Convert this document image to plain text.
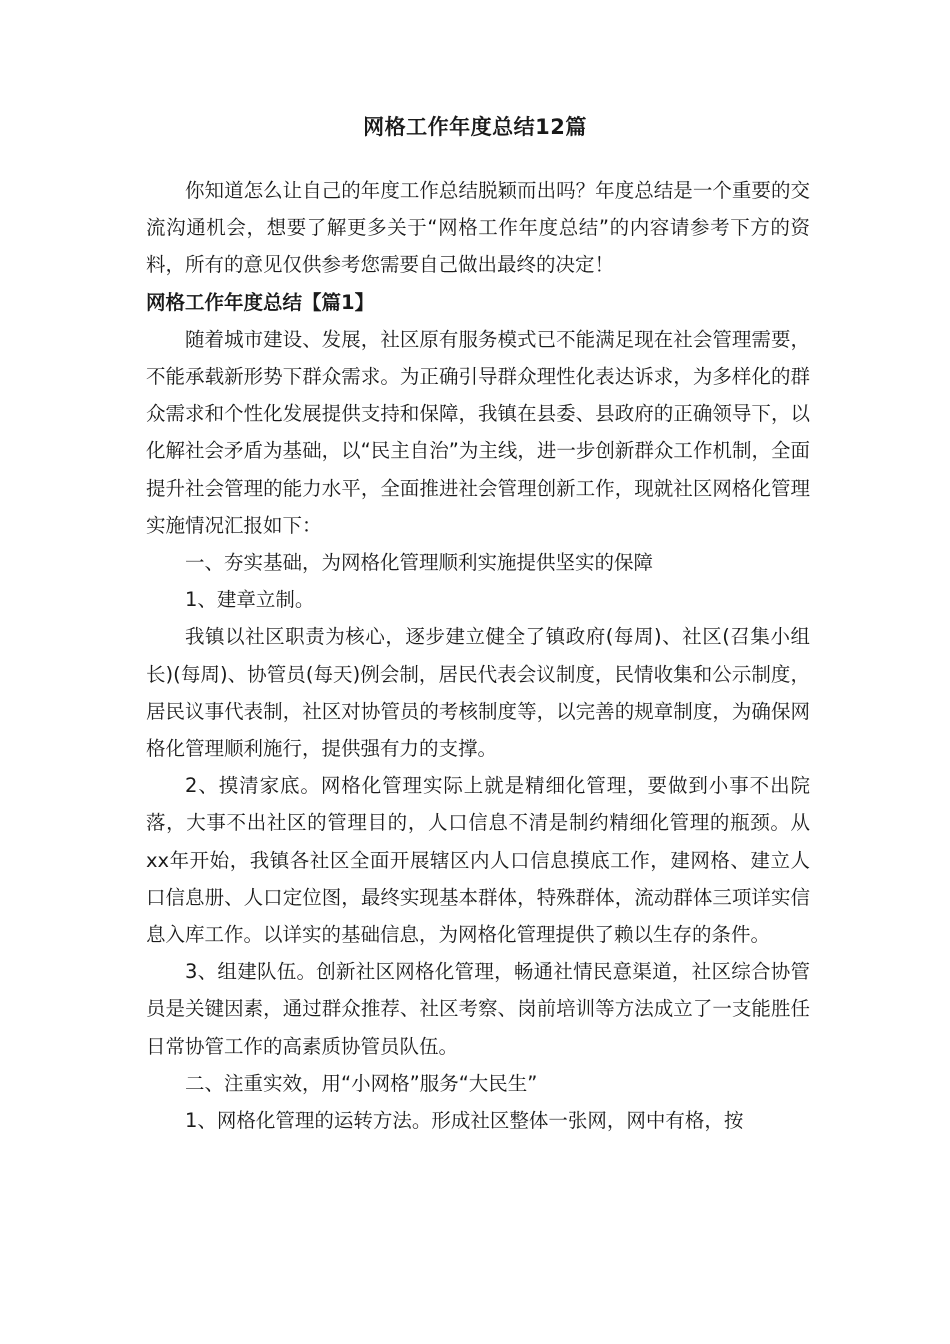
网格工作年度总结12篇

你知道怎么让自己的年度工作总结脱颖而出吗？年度总结是一个重要的交流沟通机会，想要了解更多关于“网格工作年度总结”的内容请参考下方的资料，所有的意见仅供参考您需要自己做出最终的决定！

网格工作年度总结【篇1】

随着城市建设、发展，社区原有服务模式已不能满足现在社会管理需要，不能承载新形势下群众需求。为正确引导群众理性化表达诉求，为多样化的群众需求和个性化发展提供支持和保障，我镇在县委、县政府的正确领导下，以化解社会矛盾为基础，以“民主自治”为主线，进一步创新群众工作机制，全面提升社会管理的能力水平，全面推进社会管理创新工作，现就社区网格化管理实施情况汇报如下：

一、夯实基础，为网格化管理顺利实施提供坚实的保障

1、建章立制。

我镇以社区职责为核心，逐步建立健全了镇政府(每周)、社区(召集小组长)(每周)、协管员(每天)例会制，居民代表会议制度，民情收集和公示制度，居民议事代表制，社区对协管员的考核制度等，以完善的规章制度，为确保网格化管理顺利施行，提供强有力的支撑。

2、摸清家底。网格化管理实际上就是精细化管理，要做到小事不出院落，大事不出社区的管理目的，人口信息不清是制约精细化管理的瓶颈。从xx年开始，我镇各社区全面开展辖区内人口信息摸底工作，建网格、建立人口信息册、人口定位图，最终实现基本群体，特殊群体，流动群体三项详实信息入库工作。以详实的基础信息，为网格化管理提供了赖以生存的条件。

3、组建队伍。创新社区网格化管理，畅通社情民意渠道，社区综合协管员是关键因素，通过群众推荐、社区考察、岗前培训等方法成立了一支能胜任日常协管工作的高素质协管员队伍。

二、注重实效，用“小网格”服务“大民生”

1、网格化管理的运转方法。形成社区整体一张网，网中有格，按
